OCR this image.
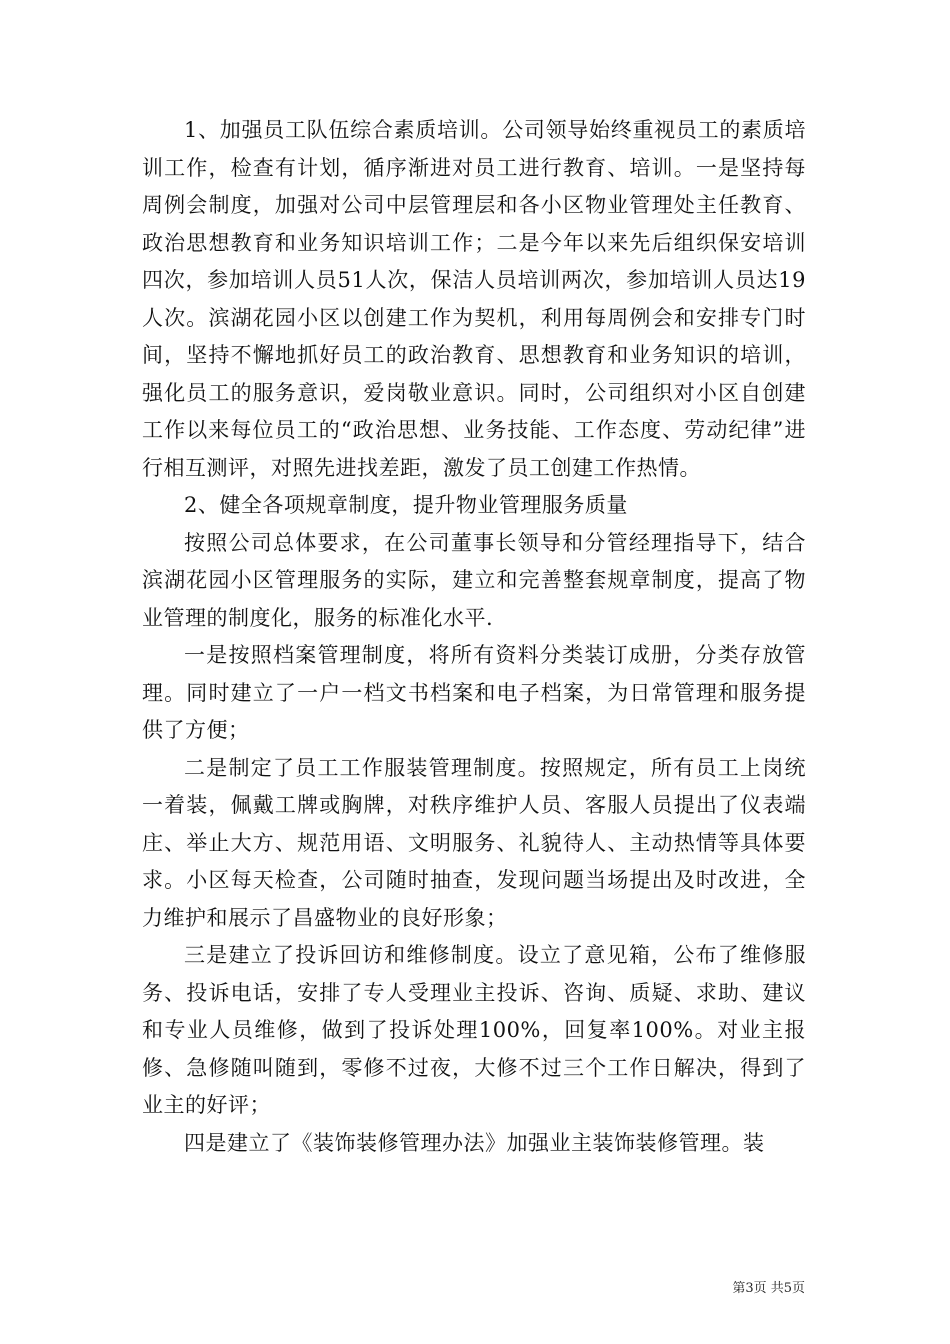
1、加强员工队伍综合素质培训。公司领导始终重视员工的素质培训工作，检查有计划，循序渐进对员工进行教育、培训。一是坚持每周例会制度，加强对公司中层管理层和各小区物业管理处主任教育、政治思想教育和业务知识培训工作；二是今年以来先后组织保安培训四次，参加培训人员51人次，保洁人员培训两次，参加培训人员达19人次。滨湖花园小区以创建工作为契机，利用每周例会和安排专门时间，坚持不懈地抓好员工的政治教育、思想教育和业务知识的培训，强化员工的服务意识，爱岗敬业意识。同时，公司组织对小区自创建工作以来每位员工的“政治思想、业务技能、工作态度、劳动纪律”进行相互测评，对照先进找差距，激发了员工创建工作热情。

2、健全各项规章制度，提升物业管理服务质量

按照公司总体要求，在公司董事长领导和分管经理指导下，结合滨湖花园小区管理服务的实际，建立和完善整套规章制度，提高了物业管理的制度化，服务的标准化水平.

一是按照档案管理制度，将所有资料分类装订成册，分类存放管理。同时建立了一户一档文书档案和电子档案，为日常管理和服务提供了方便；

二是制定了员工工作服装管理制度。按照规定，所有员工上岗统一着装，佩戴工牌或胸牌，对秩序维护人员、客服人员提出了仪表端庄、举止大方、规范用语、文明服务、礼貌待人、主动热情等具体要求。小区每天检查，公司随时抽查，发现问题当场提出及时改进，全力维护和展示了昌盛物业的良好形象；

三是建立了投诉回访和维修制度。设立了意见箱，公布了维修服务、投诉电话，安排了专人受理业主投诉、咨询、质疑、求助、建议和专业人员维修，做到了投诉处理100%，回复率100%。对业主报修、急修随叫随到，零修不过夜，大修不过三个工作日解决，得到了业主的好评；

四是建立了《装饰装修管理办法》加强业主装饰装修管理。装

第3页 共5页
